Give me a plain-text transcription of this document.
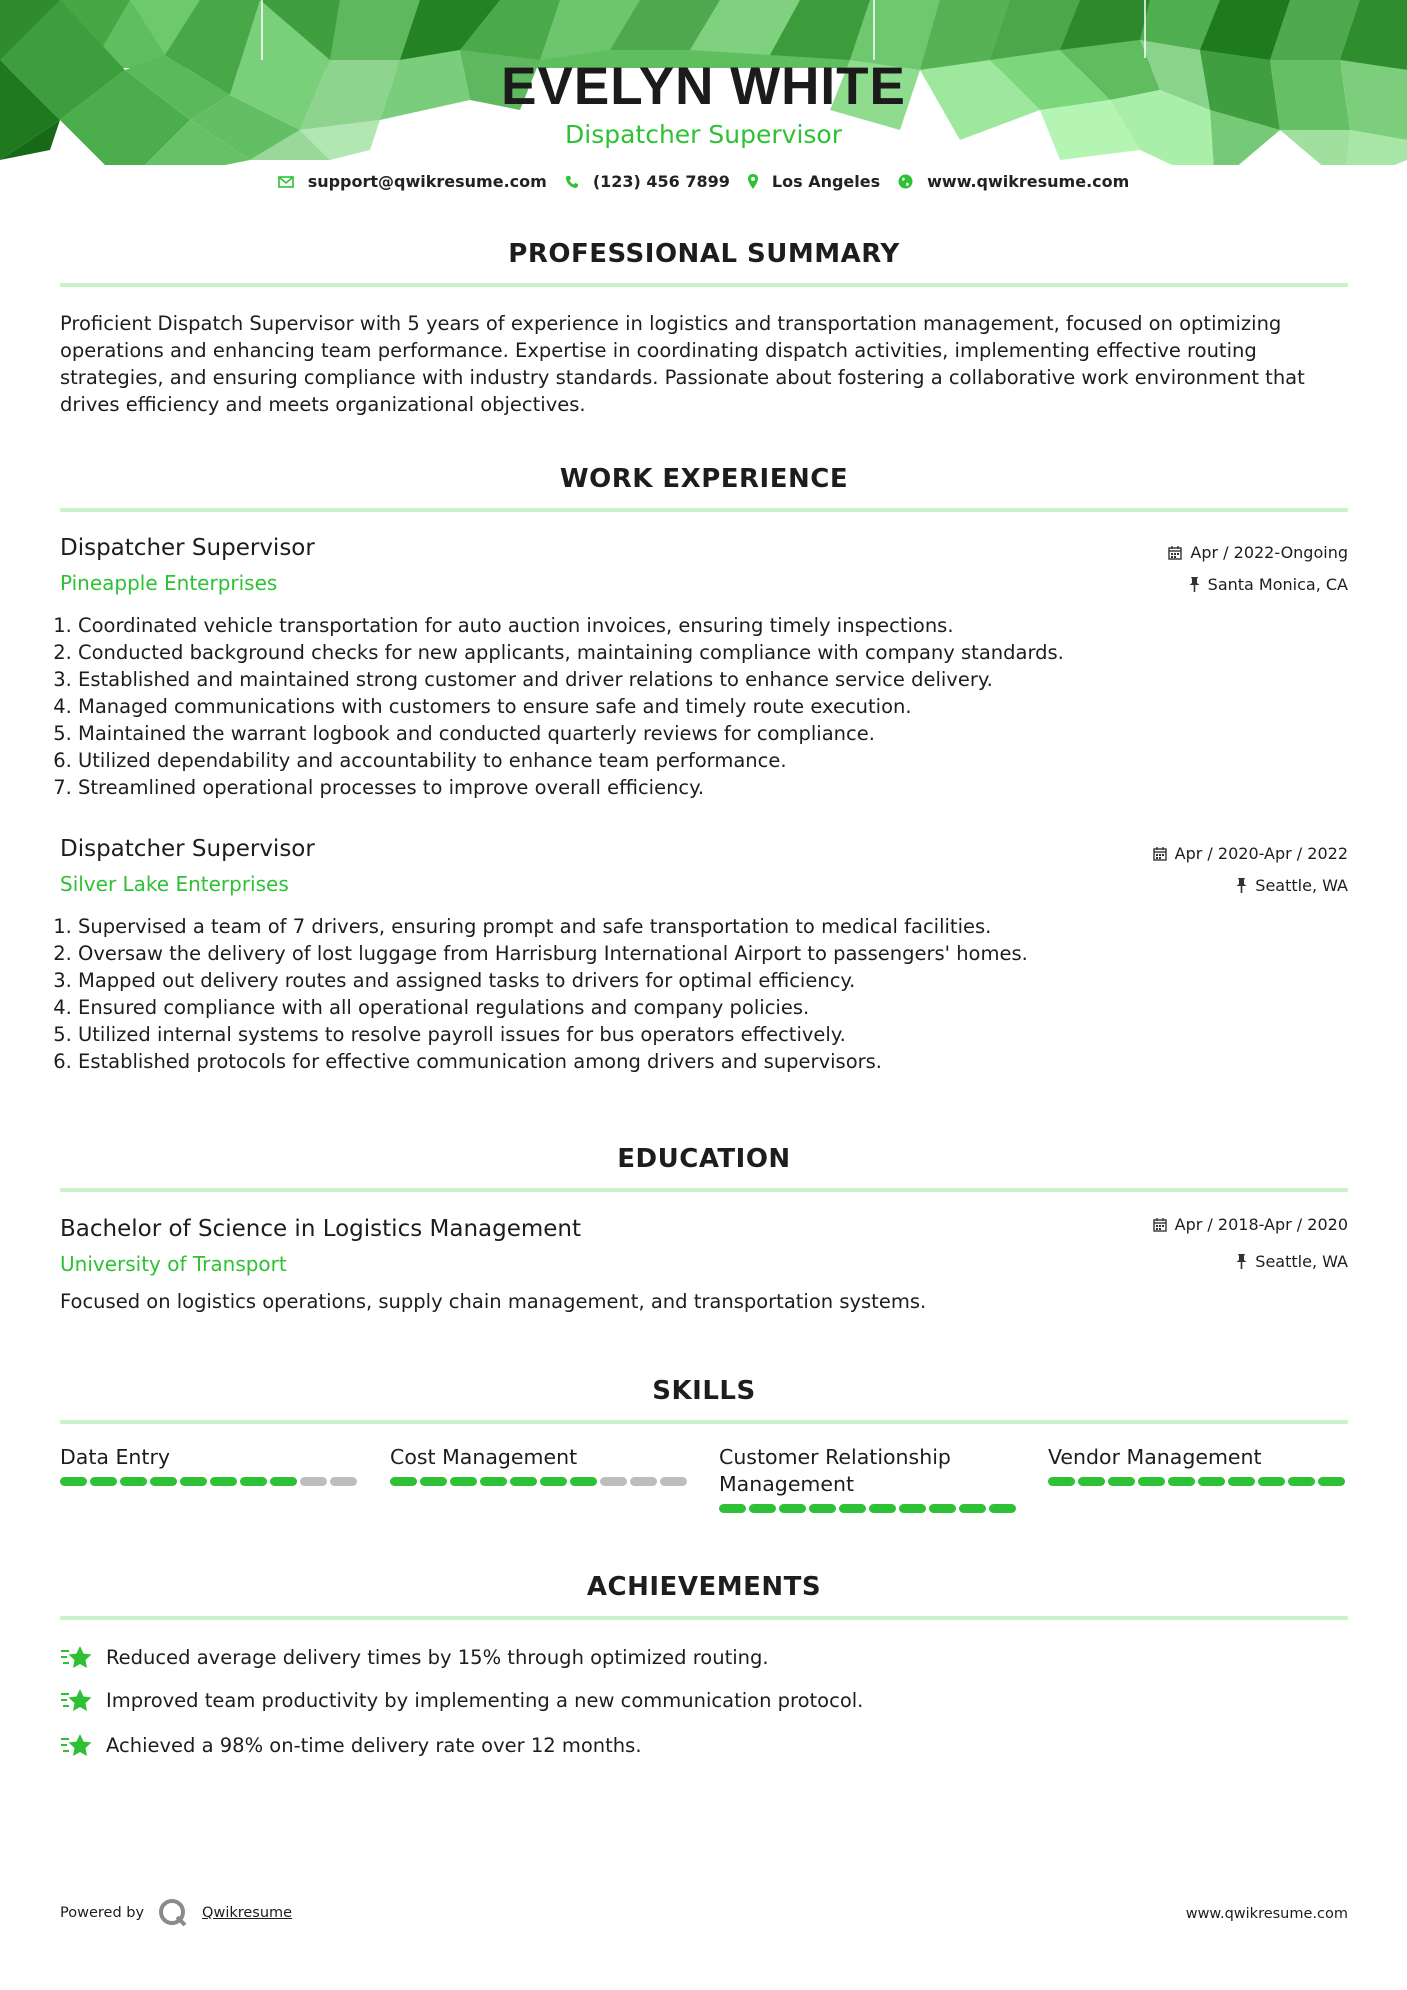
EVELYN WHITE
Dispatcher Supervisor
support@qwikresume.com	(123) 456 7899	Los Angeles	www.qwikresume.com
PROFESSIONAL SUMMARY
Proficient Dispatch Supervisor with 5 years of experience in logistics and transportation management, focused on optimizing operations and enhancing team performance. Expertise in coordinating dispatch activities, implementing effective routing strategies, and ensuring compliance with industry standards. Passionate about fostering a collaborative work environment that drives efficiency and meets organizational objectives.
WORK EXPERIENCE
Dispatcher Supervisor
Pineapple Enterprises
Apr / 2022-Ongoing
Santa Monica, CA
1. Coordinated vehicle transportation for auto auction invoices, ensuring timely inspections.
2. Conducted background checks for new applicants, maintaining compliance with company standards.
3. Established and maintained strong customer and driver relations to enhance service delivery.
4. Managed communications with customers to ensure safe and timely route execution.
5. Maintained the warrant logbook and conducted quarterly reviews for compliance.
6. Utilized dependability and accountability to enhance team performance.
7. Streamlined operational processes to improve overall efficiency.
Dispatcher Supervisor
Silver Lake Enterprises
Apr / 2020-Apr / 2022
Seattle, WA
1. Supervised a team of 7 drivers, ensuring prompt and safe transportation to medical facilities.
2. Oversaw the delivery of lost luggage from Harrisburg International Airport to passengers' homes.
3. Mapped out delivery routes and assigned tasks to drivers for optimal efficiency.
4. Ensured compliance with all operational regulations and company policies.
5. Utilized internal systems to resolve payroll issues for bus operators effectively.
6. Established protocols for effective communication among drivers and supervisors.
EDUCATION
Bachelor of Science in Logistics Management
University of Transport
Apr / 2018-Apr / 2020
Seattle, WA
Focused on logistics operations, supply chain management, and transportation systems.
SKILLS
Data Entry	Cost Management	Customer Relationship Management
Vendor Management
ACHIEVEMENTS
Reduced average delivery times by 15% through optimized routing.
Improved team productivity by implementing a new communication protocol.
Achieved a 98% on-time delivery rate over 12 months.
Powered by	Qwikresume	www.qwikresume.com
